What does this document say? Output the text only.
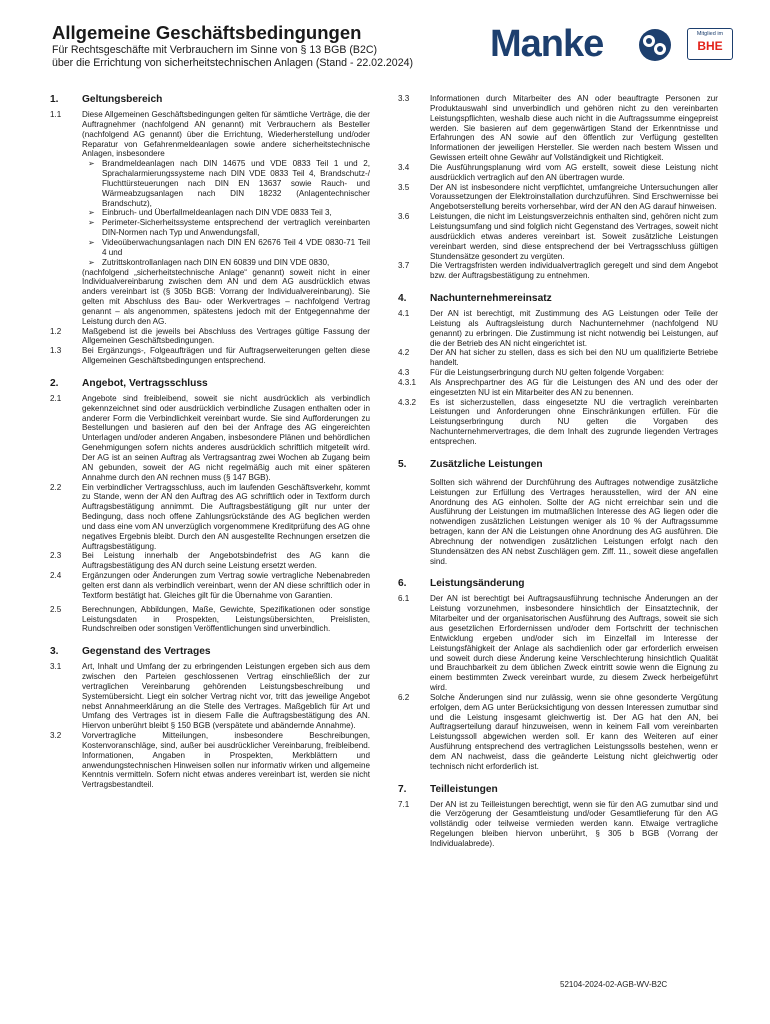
Allgemeine Geschäftsbedingungen
Für Rechtsgeschäfte mit Verbrauchern im Sinne von § 13 BGB (B2C)
über die Errichtung von sicherheitstechnischen Anlagen (Stand - 22.02.2024) Manke	Mitglied im
BHE
1.	Geltungsbereich
1.1	Diese Allgemeinen Geschäftsbedingungen gelten für sämtliche Verträge, die der Auftragnehmer (nachfolgend AN genannt) mit Verbrauchern als Besteller (nachfolgend AG genannt) über die Errichtung, Wiederherstellung und/oder Reparatur von Gefahrenmeldeanlagen sowie andere sicherheitstechnische Anlagen, insbesondere
➢ Brandmeldeanlagen nach DIN 14675 und VDE 0833 Teil 1 und 2, Sprachalarmierungssysteme nach DIN VDE 0833 Teil 4, Brandschutz-/ Fluchttürsteuerungen nach DIN EN 13637 sowie Rauch- und Wärmeabzugsanlagen nach DIN 18232 (Anlagentechnischer Brandschutz),
➢ Einbruch- und Überfallmeldeanlagen nach DIN VDE 0833 Teil 3,
➢ Perimeter-Sicherheitssysteme entsprechend der vertraglich vereinbarten DIN-Normen nach Typ und Anwendungsfall,
➢ Videoüberwachungsanlagen nach DIN EN 62676 Teil 4 VDE 0830-71 Teil 4 und
➢ Zutrittskontrollanlagen nach DIN EN 60839 und DIN VDE 0830,
(nachfolgend „sicherheitstechnische Anlage“ genannt) soweit nicht in einer Individualvereinbarung zwischen dem AN und dem AG ausdrücklich etwas anders vereinbart ist (§ 305b BGB: Vorrang der Individualvereinbarung). Sie gelten mit Abschluss des Bau- oder Werkvertrages – nachfolgend Vertrag genannt – als angenommen, spätestens jedoch mit der Entgegennahme der Leistung durch den AG.
1.2	Maßgebend ist die jeweils bei Abschluss des Vertrages gültige Fassung der Allgemeinen Geschäftsbedingungen.
1.3	Bei Ergänzungs-, Folgeaufträgen und für Auftragserweiterungen gelten diese Allgemeinen Geschäftsbedingungen entsprechend.
2.	Angebot, Vertragsschluss
2.1	Angebote sind freibleibend, soweit sie nicht ausdrücklich als verbindlich gekennzeichnet sind oder ausdrücklich verbindliche Zusagen enthalten oder in anderer Form die Verbindlichkeit vereinbart wurde. Sie sind Aufforderungen zu Bestellungen und basieren auf den bei der Anfrage des AG eingereichten Unterlagen und/oder anderen Angaben, insbesondere Plänen und behördlichen Genehmigungen sofern nichts anderes ausdrücklich schriftlich mitgeteilt wird. Der AG ist an seinen Auftrag als Vertragsantrag zwei Wochen ab Zugang beim AN gebunden, soweit der AG nicht regelmäßig auch mit einer späteren Annahme durch den AN rechnen muss (§ 147 BGB).
2.2	Ein verbindlicher Vertragsschluss, auch im laufenden Geschäftsverkehr, kommt zu Stande, wenn der AN den Auftrag des AG schriftlich oder in Textform durch Auftragsbestätigung annimmt. Die Auftragsbestätigung gilt nur unter der Bedingung, dass noch offene Zahlungsrückstände des AG beglichen werden und dass eine vom AN unverzüglich vorgenommene Kreditprüfung des AG ohne negatives Ergebnis bleibt. Durch den AN ausgestellte Rechnungen ersetzen die Auftragsbestätigung.
2.3	Bei Leistung innerhalb der Angebotsbindefrist des AG kann die Auftragsbestätigung des AN durch seine Leistung ersetzt werden.
2.4	Ergänzungen oder Änderungen zum Vertrag sowie vertragliche Nebenabreden gelten erst dann als verbindlich vereinbart, wenn der AN diese schriftlich oder in Textform bestätigt hat. Gleiches gilt für die Übernahme von Garantien.
2.5	Berechnungen, Abbildungen, Maße, Gewichte, Spezifikationen oder sonstige Leistungsdaten in Prospekten, Leistungsübersichten, Preislisten, Rundschreiben oder sonstigen Veröffentlichungen sind unverbindlich.
3.	Gegenstand des Vertrages
3.1	Art, Inhalt und Umfang der zu erbringenden Leistungen ergeben sich aus dem zwischen den Parteien geschlossenen Vertrag einschließlich der zur vertraglichen Vereinbarung gehörenden Leistungsbeschreibung und Systemübersicht. Liegt ein solcher Vertrag nicht vor, tritt das jeweilige Angebot nebst Annahmeerklärung an die Stelle des Vertrages. Maßgeblich für Art und Umfang des Vertrages ist in diesem Falle die Auftragsbestätigung des AN. Hiervon unberührt bleibt § 150 BGB (verspätete und abändernde Annahme).
3.2	Vorvertragliche Mitteilungen, insbesondere Beschreibungen, Kostenvoranschläge, sind, außer bei ausdrücklicher Vereinbarung, freibleibend. Informationen, Angaben in Prospekten, Merkblättern und anwendungstechnischen Hinweisen sollen nur informativ wirken und allgemeine Kenntnis vermitteln. Sofern nicht etwas anderes vereinbart ist, werden sie nicht Vertragsbestandteil.
3.3	Informationen durch Mitarbeiter des AN oder beauftragte Personen zur Produktauswahl sind unverbindlich und gehören nicht zu den vereinbarten Leistungspflichten, weshalb diese auch nicht in die Auftragssumme eingepreist werden. Sie basieren auf dem gegenwärtigen Stand der Erkenntnisse und Erfahrungen des AN sowie auf den öffentlich zur Verfügung gestellten Informationen der jeweiligen Hersteller. Sie werden nach bestem Wissen und Gewissen erteilt ohne Gewähr auf Vollständigkeit und Richtigkeit.
3.4	Die Ausführungsplanung wird vom AG erstellt, soweit diese Leistung nicht ausdrücklich vertraglich auf den AN übertragen wurde.
3.5	Der AN ist insbesondere nicht verpflichtet, umfangreiche Untersuchungen aller Voraussetzungen der Elektroinstallation durchzuführen. Sind Erschwernisse bei Angebotserstellung bereits vorhersehbar, wird der AN den AG darauf hinweisen.
3.6	Leistungen, die nicht im Leistungsverzeichnis enthalten sind, gehören nicht zum Leistungsumfang und sind folglich nicht Gegenstand des Vertrages, soweit nicht ausdrücklich etwas anderes vereinbart ist. Soweit zusätzliche Leistungen vereinbart werden, sind diese entsprechend der bei Vertragsschluss gültigen Stundensätze gesondert zu vergüten.
3.7	Die Vertragsfristen werden individualvertraglich geregelt und sind dem Angebot bzw. der Auftragsbestätigung zu entnehmen.
4.	Nachunternehmereinsatz
4.1	Der AN ist berechtigt, mit Zustimmung des AG Leistungen oder Teile der Leistung als Auftragsleistung durch Nachunternehmer (nachfolgend NU genannt) zu erbringen. Die Zustimmung ist nicht notwendig bei Leistungen, auf die der Betrieb des AN nicht eingerichtet ist.
4.2	Der AN hat sicher zu stellen, dass es sich bei den NU um qualifizierte Betriebe handelt.
4.3	Für die Leistungserbringung durch NU gelten folgende Vorgaben:
4.3.1	Als Ansprechpartner des AG für die Leistungen des AN und des oder der eingesetzten NU ist ein Mitarbeiter des AN zu benennen.
4.3.2	Es ist sicherzustellen, dass eingesetzte NU die vertraglich vereinbarten Leistungen und Anforderungen ohne Einschränkungen erfüllen. Für die Leistungserbringung durch NU gelten die Vorgaben des Nachunternehmervertrages, die dem Inhalt des zugrunde liegenden Vertrages entsprechen.
5.	Zusätzliche Leistungen
Sollten sich während der Durchführung des Auftrages notwendige zusätzliche Leistungen zur Erfüllung des Vertrages herausstellen, wird der AN eine Anordnung des AG einholen. Sollte der AG nicht erreichbar sein und die Ausführung der Leistungen im mutmaßlichen Interesse des AG liegen oder die notwendigen zusätzlichen Leistungen weniger als 10 % der Auftragssumme betragen, kann der AN die Leistungen ohne Anordnung des AG ausführen. Die Abrechnung der notwendigen zusätzlichen Leistungen erfolgt nach den Stundensätzen des AN nebst Zuschlägen gem. Ziff. 11., soweit diese angefallen sind.
6.	Leistungsänderung
6.1	Der AN ist berechtigt bei Auftragsausführung technische Änderungen an der Leistung vorzunehmen, insbesondere hinsichtlich der Einsatztechnik, der Mitarbeiter und der organisatorischen Ausführung des Auftrags, soweit sie sich aus gesetzlichen Erfordernissen und/oder dem Fortschritt der technischen Entwicklung ergeben und/oder sich im Einzelfall im Interesse der Leistungsfähigkeit der Anlage als sachdienlich oder gar erforderlich erweisen und soweit durch diese Änderung keine Verschlechterung hinsichtlich Qualität und Brauchbarkeit zu dem üblichen Zweck eintritt sowie wenn die Eignung zu einem bestimmten Zweck vereinbart wurde, zu diesem Zweck herbeigeführt wird.
6.2	Solche Änderungen sind nur zulässig, wenn sie ohne gesonderte Vergütung erfolgen, dem AG unter Berücksichtigung von dessen Interessen zumutbar sind und die Leistung insgesamt gleichwertig ist. Der AG hat den AN, bei Auftragserteilung darauf hinzuweisen, wenn in keinem Fall vom vereinbarten Leistungssoll abgewichen werden soll. Er kann des Weiteren auf einer Ausführung entsprechend des vertraglichen Leistungssolls bestehen, wenn er dem AN nachweist, dass die geänderte Leistung nicht gleichwertig oder technisch nicht erforderlich ist.
7.	Teilleistungen
7.1	Der AN ist zu Teilleistungen berechtigt, wenn sie für den AG zumutbar sind und die Verzögerung der Gesamtleistung und/oder Gesamtlieferung für den AG vollständig oder teilweise vermieden werden kann. Etwaige vertragliche Regelungen bleiben hiervon unberührt, § 305 b BGB (Vorrang der Individualabrede).
52104-2024-02-AGB-WV-B2C
